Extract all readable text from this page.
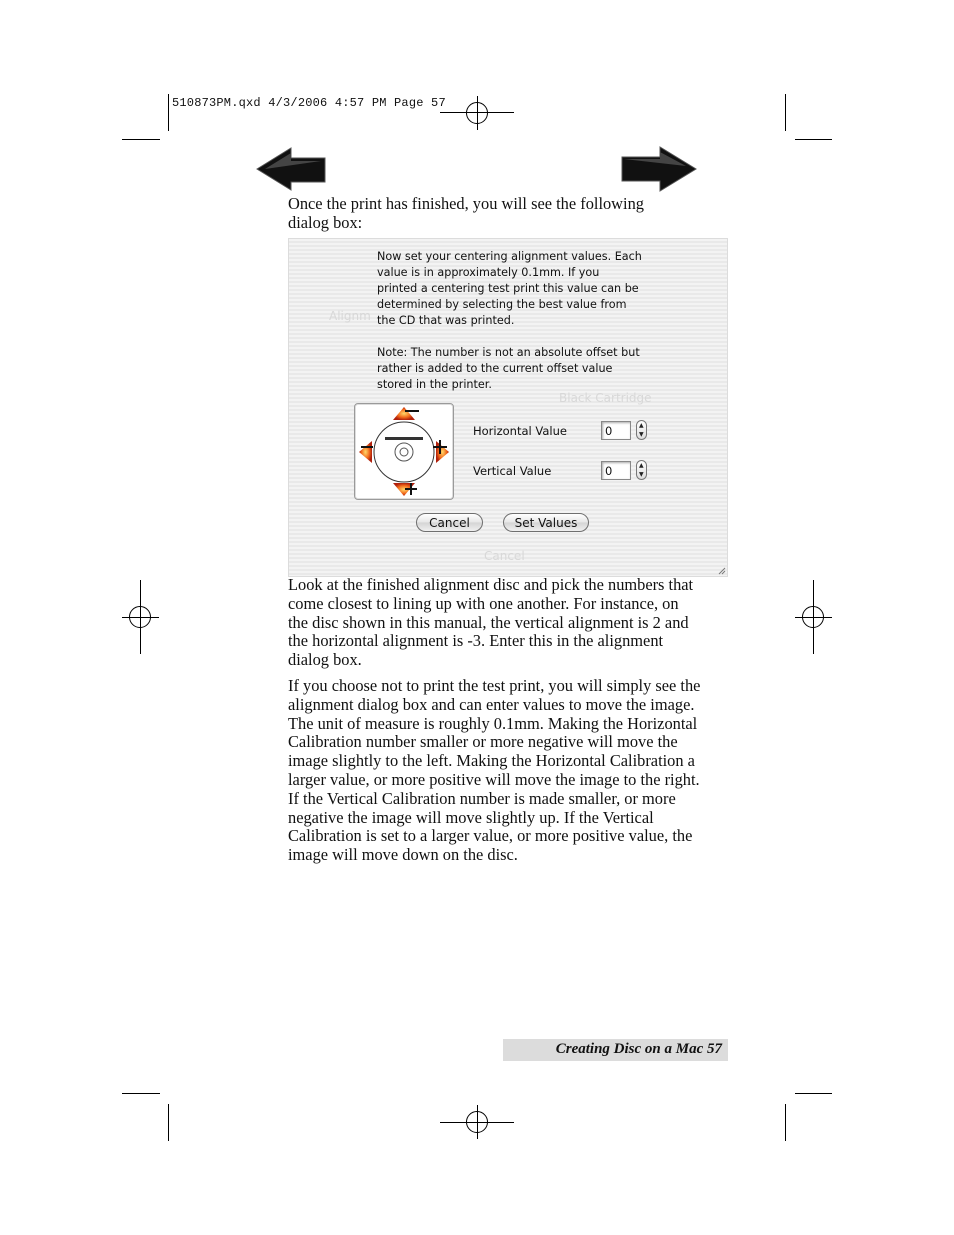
510873PM.qxd 4/3/2006 4:57 PM Page 57
Once the print has finished, you will see the following
dialog box:
Alignm
Black Cartridge
Cancel
Now set your centering alignment values. Each
value is in approximately 0.1mm. If you
printed a centering test print this value can be
determined by selecting the best value from
the CD that was printed.
Note: The number is not an absolute offset but
rather is added to the current offset value
stored in the printer.
Horizontal Value	0	▲
▼
Vertical Value	0	▲
▼
Cancel	Set Values
Look at the finished alignment disc and pick the numbers that
come closest to lining up with one another. For instance, on
the disc shown in this manual, the vertical alignment is 2 and
the horizontal alignment is -3. Enter this in the alignment
dialog box.
If you choose not to print the test print, you will simply see the
alignment dialog box and can enter values to move the image.
The unit of measure is roughly 0.1mm. Making the Horizontal
Calibration number smaller or more negative will move the
image slightly to the left. Making the Horizontal Calibration a
larger value, or more positive will move the image to the right.
If the Vertical Calibration number is made smaller, or more
negative the image will move slightly up. If the Vertical
Calibration is set to a larger value, or more positive value, the
image will move down on the disc.
Creating Disc on a Mac 57
